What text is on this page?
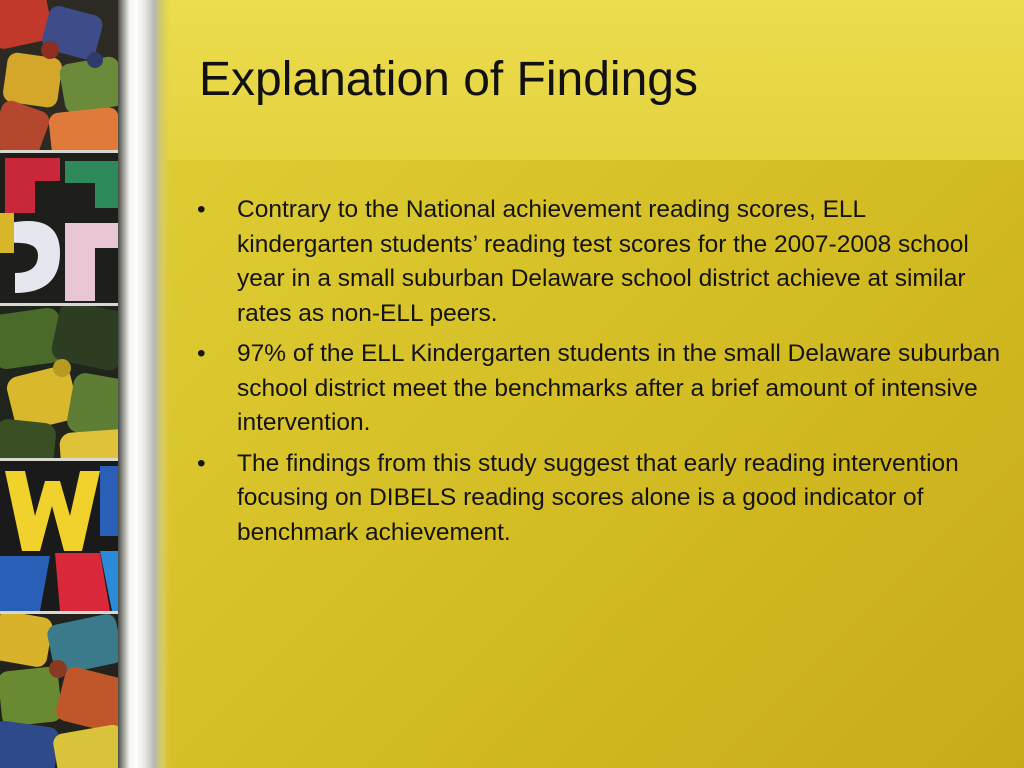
Explanation of Findings
• Contrary to the National achievement reading scores, ELL kindergarten students’ reading test scores for the 2007-2008 school year in a small suburban Delaware school district achieve at similar rates as non-ELL peers.
• 97% of the ELL Kindergarten students in the small Delaware suburban school district meet the benchmarks after a brief amount of intensive intervention.
• The findings from this study suggest that early reading intervention focusing on DIBELS reading scores alone is a good indicator of benchmark achievement.
